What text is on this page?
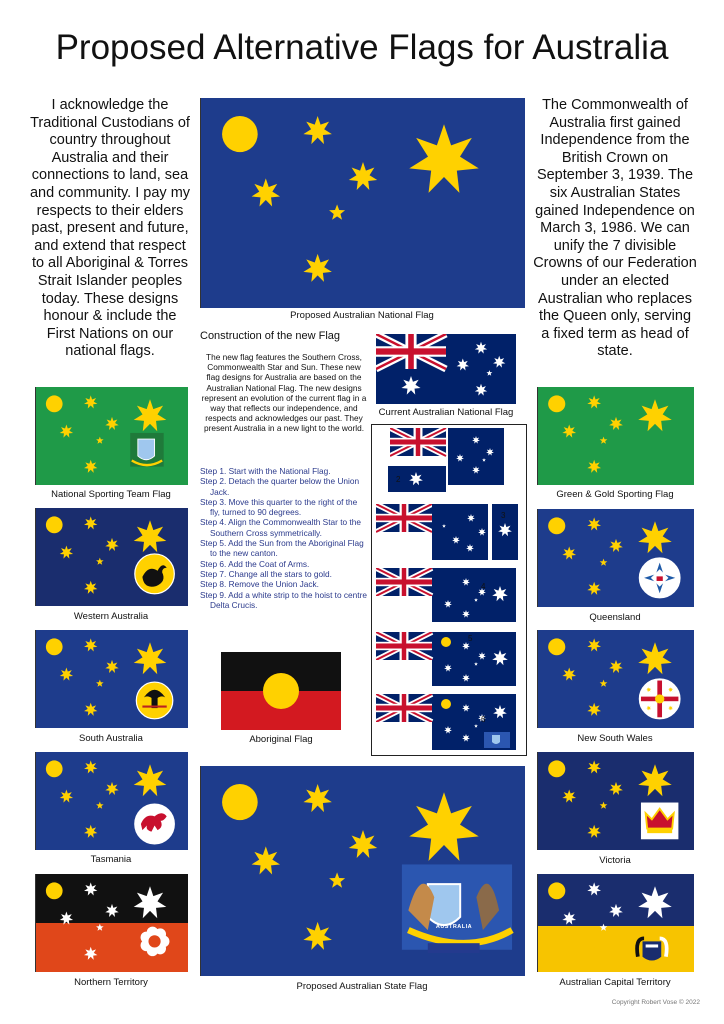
Proposed Alternative Flags for Australia
I acknowledge the Traditional Custodians of country throughout Australia and their connections to land, sea and community. I pay my respects to their elders past, present and future, and extend that respect to all Aboriginal & Torres Strait Islander peoples today. These designs honour & include the First Nations on our national flags.
The Commonwealth of Australia first gained Independence from the British Crown on September 3, 1939. The six Australian States gained Independence on March 3, 1986. We can unify the 7 divisible Crowns of our Federation under an elected Australian who replaces the Queen only, serving a fixed term as head of state.
Proposed Australian National Flag
Construction of the new Flag
The new flag features the Southern Cross, Commonwealth Star and Sun. These new flag designs for Australia are based on the Australian National Flag. The new designs represent an evolution of the current flag in a way that reflects our independence, and respects and acknowledges our past. They present Australia in a new light to the world.
Step 1. Start with the National Flag.
Step 2. Detach the quarter below the Union Jack.
Step 3. Move this quarter to the right of the fly, turned to 90 degrees.
Step 4. Align the Commonwealth Star to the Southern Cross symmetrically.
Step 5. Add the Sun from the Aboriginal Flag to the new canton.
Step 6. Add the Coat of Arms.
Step 7. Change all the stars to gold.
Step 8. Remove the Union Jack.
Step 9. Add a white strip to the hoist to centre Delta Crucis.
Current Australian National Flag
2
3
4
5
6
Aboriginal Flag
AUSTRALIA
Proposed Australian State Flag
National Sporting Team Flag
Western Australia
South Australia
Tasmania
Northern Territory
Green & Gold Sporting Flag
Queensland
New South Wales
Victoria
Australian Capital Territory
Copyright Robert Vose © 2022
